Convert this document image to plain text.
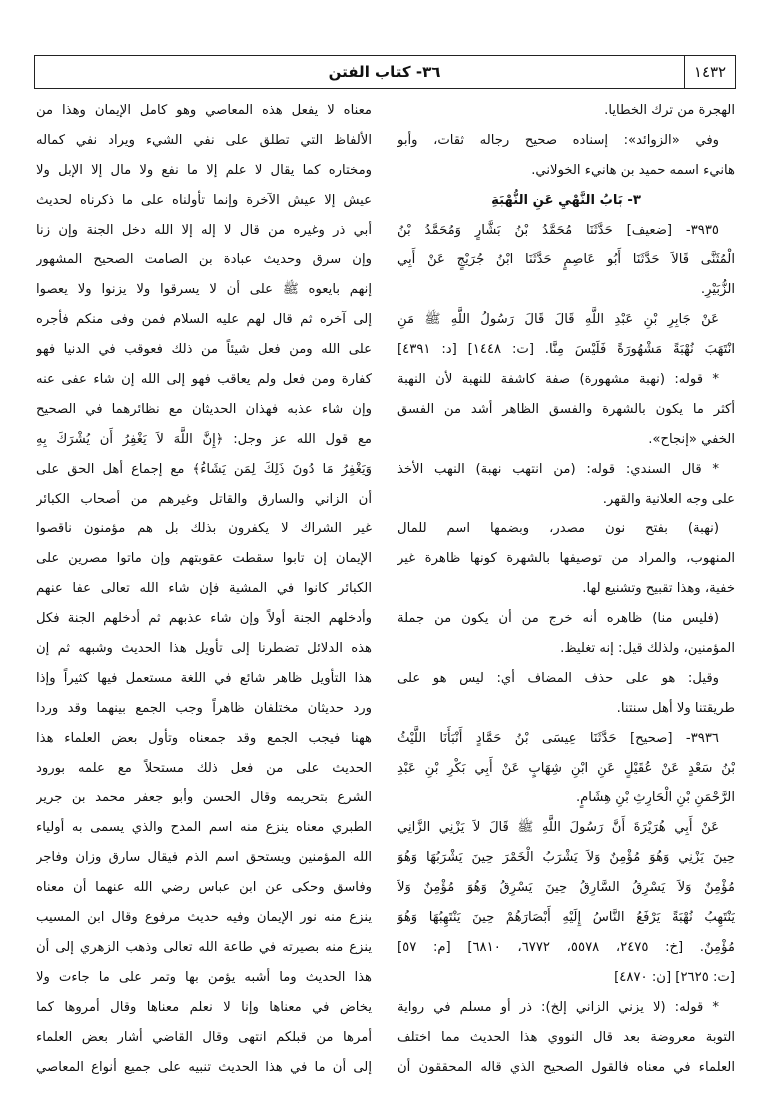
١٤٣٢
٣٦- كتاب الفتن
الهجرة من ترك الخطايا.
وفي «الزوائد»: إسناده صحيح رجاله ثقات، وأبو
هانيء اسمه حميد بن هانيء الخولاني.
٣- بَابُ النَّهْيِ عَنِ النُّهْبَةِ
٣٩٣٥- [ضعيف] حَدَّثَنَا مُحَمَّدُ بْنُ بَشَّارٍ وَمُحَمَّدُ بْنُ
الْمُثَنَّى قَالاَ حَدَّثَنَا أَبُو عَاصِمٍ حَدَّثَنَا ابْنُ جُرَيْجٍ عَنْ أَبِي
الزُّبَيْرِ.
عَنْ جَابِرِ بْنِ عَبْدِ اللَّهِ قَالَ قَالَ رَسُولُ اللَّهِ ﷺ مَنِ
انْتَهَبَ نُهْبَةً مَشْهُورَةً فَلَيْسَ مِنَّا. [ت: ١٤٤٨] [د: ٤٣٩١]
* قوله: (نهبة مشهورة) صفة كاشفة للنهبة لأن النهبة
أكثر ما يكون بالشهرة والفسق الظاهر أشد من الفسق
الخفي «إنجاح».
* قال السندي: قوله: (من انتهب نهبة) النهب الأخذ
على وجه العلانية والقهر.
(نهبة) بفتح نون مصدر، وبضمها اسم للمال
المنهوب، والمراد من توصيفها بالشهرة كونها ظاهرة غير
خفية، وهذا تقبيح وتشنيع لها.
(فليس منا) ظاهره أنه خرج من أن يكون من جملة
المؤمنين، ولذلك قيل: إنه تغليظ.
وقيل: هو على حذف المضاف أي: ليس هو على
طريقتنا ولا أهل سنتنا.
٣٩٣٦- [صحيح] حَدَّثَنَا عِيسَى بْنُ حَمَّادٍ أَنْبَأَنَا اللَّيْثُ
بْنُ سَعْدٍ عَنْ عُقَيْلٍ عَنِ ابْنِ شِهَابٍ عَنْ أَبِي بَكْرِ بْنِ عَبْدِ
الرَّحْمَنِ بْنِ الْحَارِثِ بْنِ هِشَامٍ.
عَنْ أَبِي هُرَيْرَةَ أَنَّ رَسُولَ اللَّهِ ﷺ قَالَ لاَ يَزْنِي الزَّانِي
حِينَ يَزْنِي وَهُوَ مُؤْمِنٌ وَلاَ يَشْرَبُ الْخَمْرَ حِينَ يَشْرَبُهَا وَهُوَ
مُؤْمِنٌ وَلاَ يَسْرِقُ السَّارِقُ حِينَ يَسْرِقُ وَهُوَ مُؤْمِنٌ وَلاَ
يَنْتَهِبُ نُهْبَةً يَرْفَعُ النَّاسُ إِلَيْهِ أَبْصَارَهُمْ حِينَ يَنْتَهِبُهَا وَهُوَ
مُؤْمِنٌ. [خ: ٢٤٧٥، ٥٥٧٨، ٦٧٧٢، ٦٨١٠] [م: ٥٧]
[ت: ٢٦٢٥] [ن: ٤٨٧٠]
* قوله: (لا يزني الزاني إلخ): ذر أو مسلم في رواية
التوبة معروضة بعد قال النووي هذا الحديث مما اختلف
العلماء في معناه فالقول الصحيح الذي قاله المحققون أن
معناه لا يفعل هذه المعاصي وهو كامل الإيمان وهذا من
الألفاظ التي تطلق على نفي الشيء ويراد نفي كماله
ومختاره كما يقال لا علم إلا ما نفع ولا مال إلا الإبل ولا
عيش إلا عيش الآخرة وإنما تأولناه على ما ذكرناه لحديث
أبي ذر وغيره من قال لا إله إلا الله دخل الجنة وإن زنا
وإن سرق وحديث عبادة بن الصامت الصحيح المشهور
إنهم بايعوه ﷺ على أن لا يسرقوا ولا يزنوا ولا يعصوا
إلى آخره ثم قال لهم عليه السلام فمن وفى منكم فأجره
على الله ومن فعل شيئاً من ذلك فعوقب في الدنيا فهو
كفارة ومن فعل ولم يعاقب فهو إلى الله إن شاء عفى عنه
وإن شاء عذبه فهذان الحديثان مع نظائرهما في الصحيح
مع قول الله عز وجل: ﴿إِنَّ اللَّهَ لاَ يَغْفِرُ أَن يُشْرَكَ بِهِ
وَيَغْفِرُ مَا دُونَ ذَلِكَ لِمَن يَشَاءُ﴾ مع إجماع أهل الحق على
أن الزاني والسارق والقاتل وغيرهم من أصحاب الكبائر
غير الشراك لا يكفرون بذلك بل هم مؤمنون ناقصوا
الإيمان إن تابوا سقطت عقوبتهم وإن ماتوا مصرين على
الكبائر كانوا في المشية فإن شاء الله تعالى عفا عنهم
وأدخلهم الجنة أولاً وإن شاء عذبهم ثم أدخلهم الجنة فكل
هذه الدلائل تضطرنا إلى تأويل هذا الحديث وشبهه ثم إن
هذا التأويل ظاهر شائع في اللغة مستعمل فيها كثيراً وإذا
ورد حديثان مختلفان ظاهراً وجب الجمع بينهما وقد وردا
ههنا فيجب الجمع وقد جمعناه وتأول بعض العلماء هذا
الحديث على من فعل ذلك مستحلاً مع علمه بورود
الشرع بتحريمه وقال الحسن وأبو جعفر محمد بن جرير
الطبري معناه ينزع منه اسم المدح والذي يسمى به أولياء
الله المؤمنين ويستحق اسم الذم فيقال سارق وزان وفاجر
وفاسق وحكى عن ابن عباس رضي الله عنهما أن معناه
ينزع منه نور الإيمان وفيه حديث مرفوع وقال ابن المسيب
ينزع منه بصيرته في طاعة الله تعالى وذهب الزهري إلى أن
هذا الحديث وما أشبه يؤمن بها وتمر على ما جاءت ولا
يخاض في معناها وإنا لا نعلم معناها وقال أمروها كما
أمرها من قبلكم انتهى وقال القاضي أشار بعض العلماء
إلى أن ما في هذا الحديث تنبيه على جميع أنواع المعاصي
